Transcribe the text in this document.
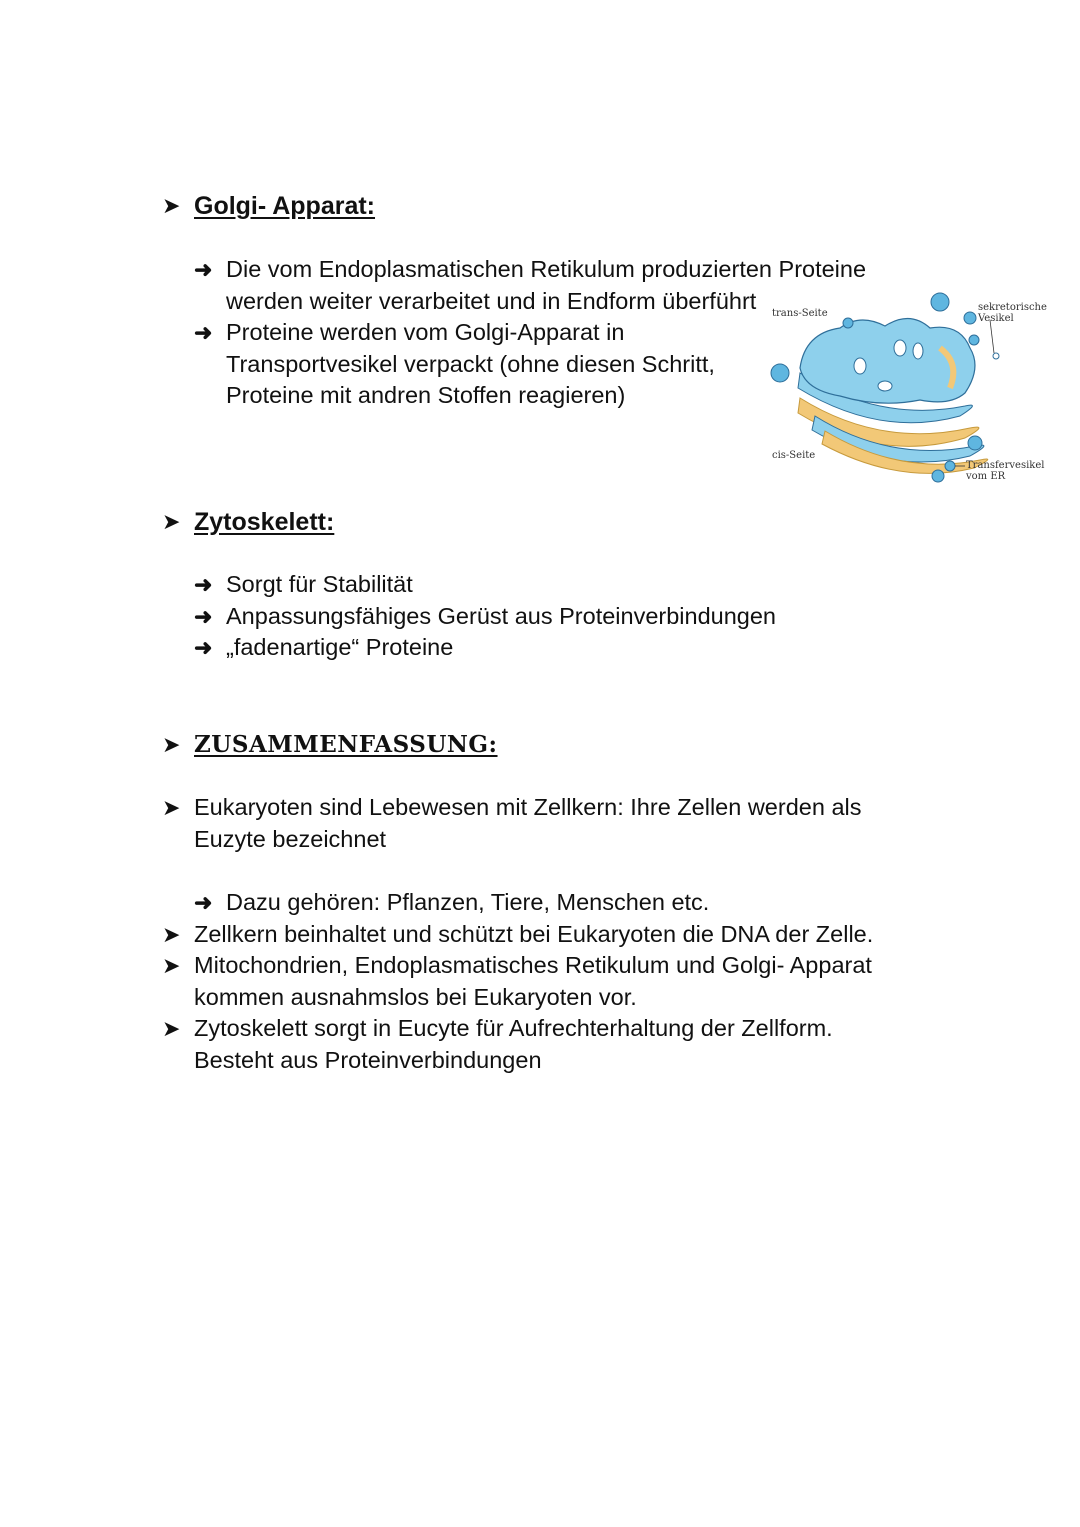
➤ Golgi- Apparat:
➜ Die vom Endoplasmatischen Retikulum produzierten Proteine werden weiter verarbeitet und in Endform überführt
➜ Proteine werden vom Golgi-Apparat in Transportvesikel verpackt (ohne diesen Schritt, Proteine mit andren Stoffen reagieren)
trans-Seite
cis-Seite
sekretorische Vesikel
Transfervesikel vom ER
➤ Zytoskelett:
➜ Sorgt für Stabilität
➜ Anpassungsfähiges Gerüst aus Proteinverbindungen
➜ „fadenartige“ Proteine
➤ ZUSAMMENFASSUNG:
➤ Eukaryoten sind Lebewesen mit Zellkern: Ihre Zellen werden als Euzyte bezeichnet
➜ Dazu gehören: Pflanzen, Tiere, Menschen etc.
➤ Zellkern beinhaltet und schützt bei Eukaryoten die DNA der Zelle.
➤ Mitochondrien, Endoplasmatisches Retikulum und Golgi- Apparat kommen ausnahmslos bei Eukaryoten vor.
➤ Zytoskelett sorgt in Eucyte für Aufrechterhaltung der Zellform. Besteht aus Proteinverbindungen
